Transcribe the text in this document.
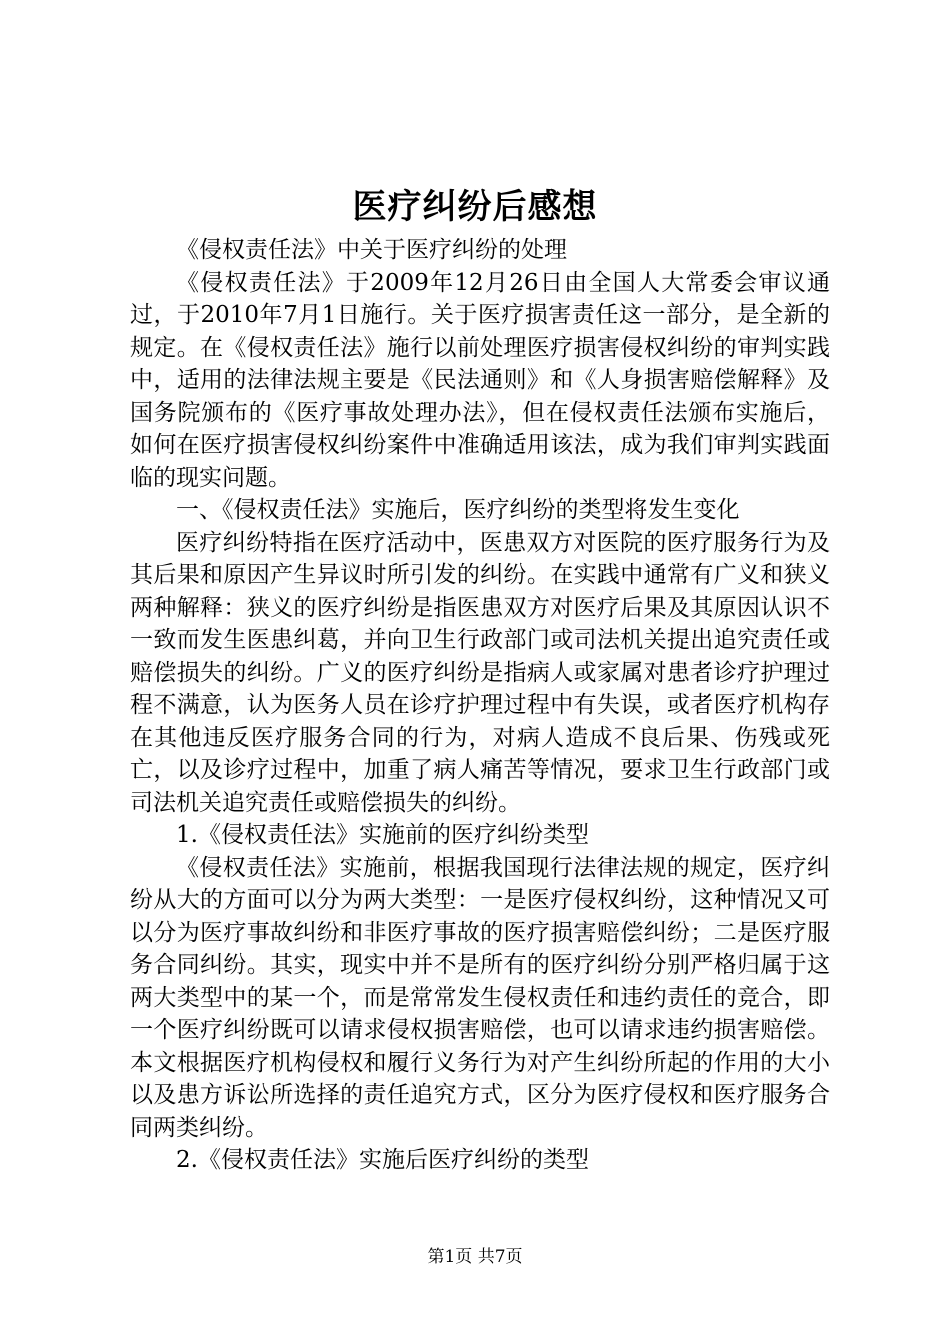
医疗纠纷后感想

《侵权责任法》中关于医疗纠纷的处理

《侵权责任法》于2009年12月26日由全国人大常委会审议通过，于2010年7月1日施行。关于医疗损害责任这一部分，是全新的规定。在《侵权责任法》施行以前处理医疗损害侵权纠纷的审判实践中，适用的法律法规主要是《民法通则》和《人身损害赔偿解释》及国务院颁布的《医疗事故处理办法》，但在侵权责任法颁布实施后，如何在医疗损害侵权纠纷案件中准确适用该法，成为我们审判实践面临的现实问题。

一、《侵权责任法》实施后，医疗纠纷的类型将发生变化

医疗纠纷特指在医疗活动中，医患双方对医院的医疗服务行为及其后果和原因产生异议时所引发的纠纷。在实践中通常有广义和狭义两种解释：狭义的医疗纠纷是指医患双方对医疗后果及其原因认识不一致而发生医患纠葛，并向卫生行政部门或司法机关提出追究责任或赔偿损失的纠纷。广义的医疗纠纷是指病人或家属对患者诊疗护理过程不满意，认为医务人员在诊疗护理过程中有失误，或者医疗机构存在其他违反医疗服务合同的行为，对病人造成不良后果、伤残或死亡，以及诊疗过程中，加重了病人痛苦等情况，要求卫生行政部门或司法机关追究责任或赔偿损失的纠纷。

1.《侵权责任法》实施前的医疗纠纷类型

《侵权责任法》实施前，根据我国现行法律法规的规定，医疗纠纷从大的方面可以分为两大类型：一是医疗侵权纠纷，这种情况又可以分为医疗事故纠纷和非医疗事故的医疗损害赔偿纠纷；二是医疗服务合同纠纷。其实，现实中并不是所有的医疗纠纷分别严格归属于这两大类型中的某一个，而是常常发生侵权责任和违约责任的竞合，即一个医疗纠纷既可以请求侵权损害赔偿，也可以请求违约损害赔偿。本文根据医疗机构侵权和履行义务行为对产生纠纷所起的作用的大小以及患方诉讼所选择的责任追究方式，区分为医疗侵权和医疗服务合同两类纠纷。

2.《侵权责任法》实施后医疗纠纷的类型

第1页 共7页
